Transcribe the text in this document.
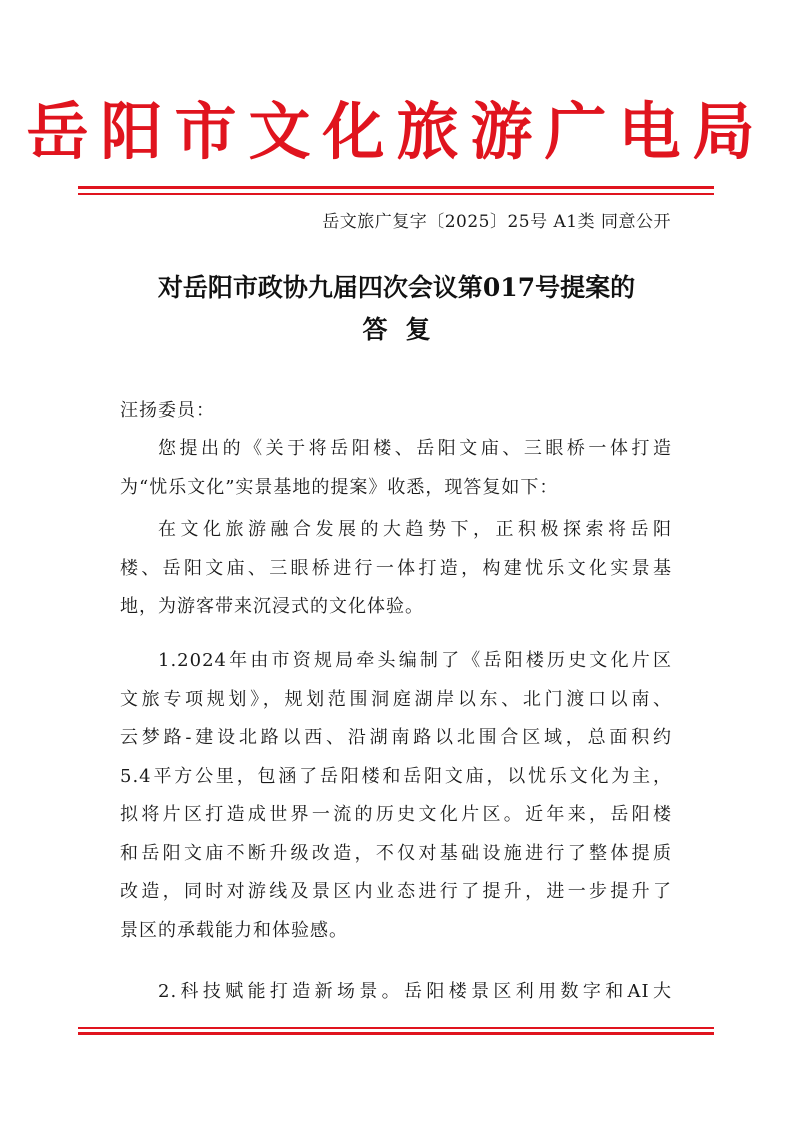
岳阳市文化旅游广电局
岳文旅广复字〔2025〕25号 A1类 同意公开
对岳阳市政协九届四次会议第017号提案的
答复
汪扬委员：
您提出的《关于将岳阳楼、岳阳文庙、三眼桥一体打造
为“忧乐文化”实景基地的提案》收悉，现答复如下：
在文化旅游融合发展的大趋势下，正积极探索将岳阳
楼、岳阳文庙、三眼桥进行一体打造，构建忧乐文化实景基
地，为游客带来沉浸式的文化体验。
1.2024年由市资规局牵头编制了《岳阳楼历史文化片区
文旅专项规划》，规划范围洞庭湖岸以东、北门渡口以南、
云梦路-建设北路以西、沿湖南路以北围合区域，总面积约
5.4平方公里，包涵了岳阳楼和岳阳文庙，以忧乐文化为主，
拟将片区打造成世界一流的历史文化片区。近年来，岳阳楼
和岳阳文庙不断升级改造，不仅对基础设施进行了整体提质
改造，同时对游线及景区内业态进行了提升，进一步提升了
景区的承载能力和体验感。
2.科技赋能打造新场景。岳阳楼景区利用数字和AI大
